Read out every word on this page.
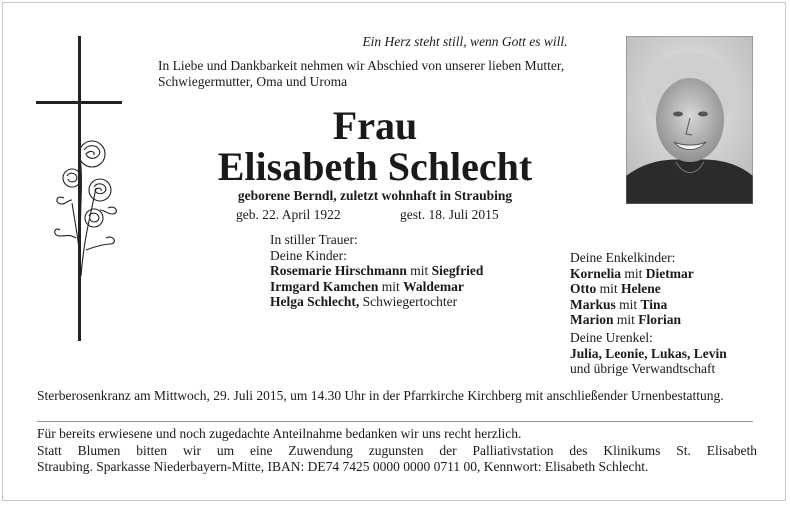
Ein Herz steht still, wenn Gott es will.
In Liebe und Dankbarkeit nehmen wir Abschied von unserer lieben Mutter, Schwiegermutter, Oma und Uroma
Frau
Elisabeth Schlecht
geborene Berndl, zuletzt wohnhaft in Straubing
geb. 22. April 1922	gest. 18. Juli 2015
In stiller Trauer:
Deine Kinder:
Rosemarie Hirschmann mit Siegfried
Irmgard Kamchen mit Waldemar
Helga Schlecht, Schwiegertochter
Deine Enkelkinder:
Kornelia mit Dietmar
Otto mit Helene
Markus mit Tina
Marion mit Florian
Deine Urenkel:
Julia, Leonie, Lukas, Levin
und übrige Verwandtschaft
Sterberosenkranz am Mittwoch, 29. Juli 2015, um 14.30 Uhr in der Pfarrkirche Kirchberg mit anschließender Urnenbestattung.
Für bereits erwiesene und noch zugedachte Anteilnahme bedanken wir uns recht herzlich.
Statt Blumen bitten wir um eine Zuwendung zugunsten der Palliativstation des Klinikums St. Elisabeth
Straubing. Sparkasse Niederbayern-Mitte, IBAN: DE74 7425 0000 0000 0711 00, Kennwort: Elisabeth Schlecht.
